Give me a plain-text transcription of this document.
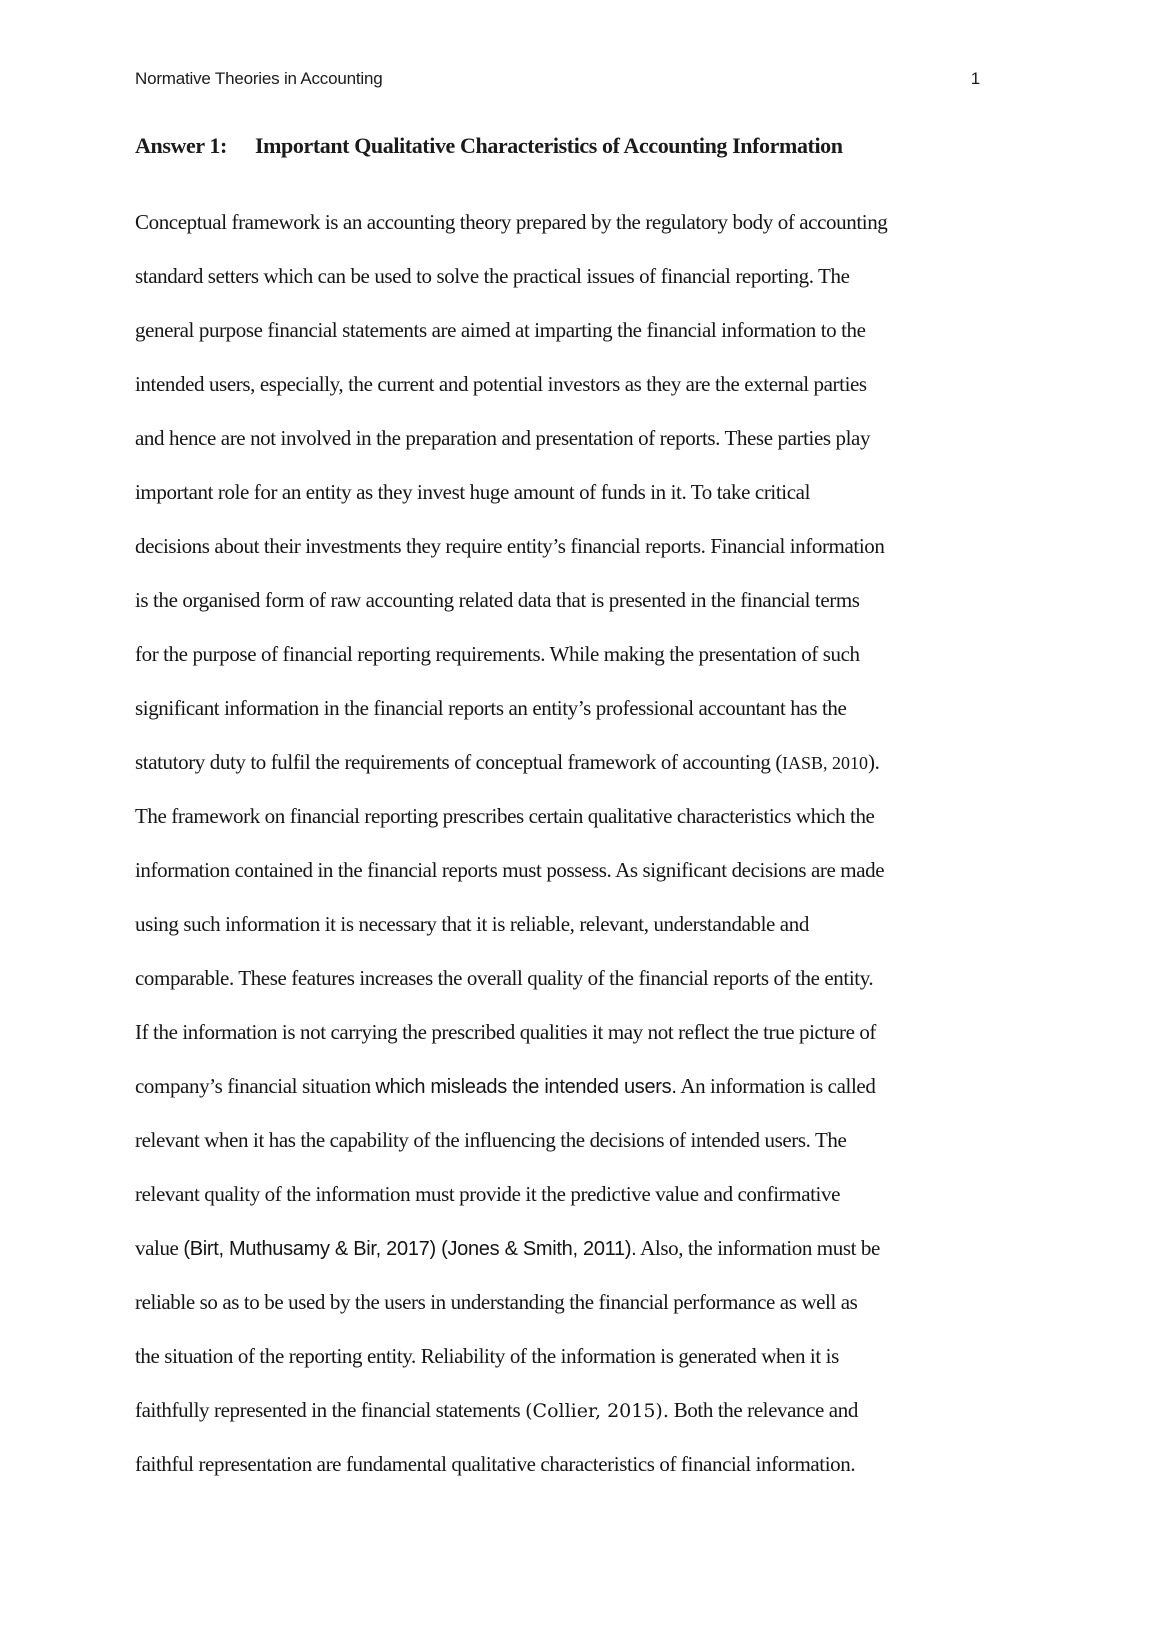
Normative Theories in Accounting	1
Answer 1: Important Qualitative Characteristics of Accounting Information
Conceptual framework is an accounting theory prepared by the regulatory body of accounting
standard setters which can be used to solve the practical issues of financial reporting. The
general purpose financial statements are aimed at imparting the financial information to the
intended users, especially, the current and potential investors as they are the external parties
and hence are not involved in the preparation and presentation of reports. These parties play
important role for an entity as they invest huge amount of funds in it. To take critical
decisions about their investments they require entity’s financial reports. Financial information
is the organised form of raw accounting related data that is presented in the financial terms
for the purpose of financial reporting requirements. While making the presentation of such
significant information in the financial reports an entity’s professional accountant has the
statutory duty to fulfil the requirements of conceptual framework of accounting (IASB, 2010).
The framework on financial reporting prescribes certain qualitative characteristics which the
information contained in the financial reports must possess. As significant decisions are made
using such information it is necessary that it is reliable, relevant, understandable and
comparable. These features increases the overall quality of the financial reports of the entity.
If the information is not carrying the prescribed qualities it may not reflect the true picture of
company’s financial situation which misleads the intended users. An information is called
relevant when it has the capability of the influencing the decisions of intended users. The
relevant quality of the information must provide it the predictive value and confirmative
value (Birt, Muthusamy & Bir, 2017) (Jones & Smith, 2011). Also, the information must be
reliable so as to be used by the users in understanding the financial performance as well as
the situation of the reporting entity. Reliability of the information is generated when it is
faithfully represented in the financial statements (Collier, 2015). Both the relevance and
faithful representation are fundamental qualitative characteristics of financial information.
